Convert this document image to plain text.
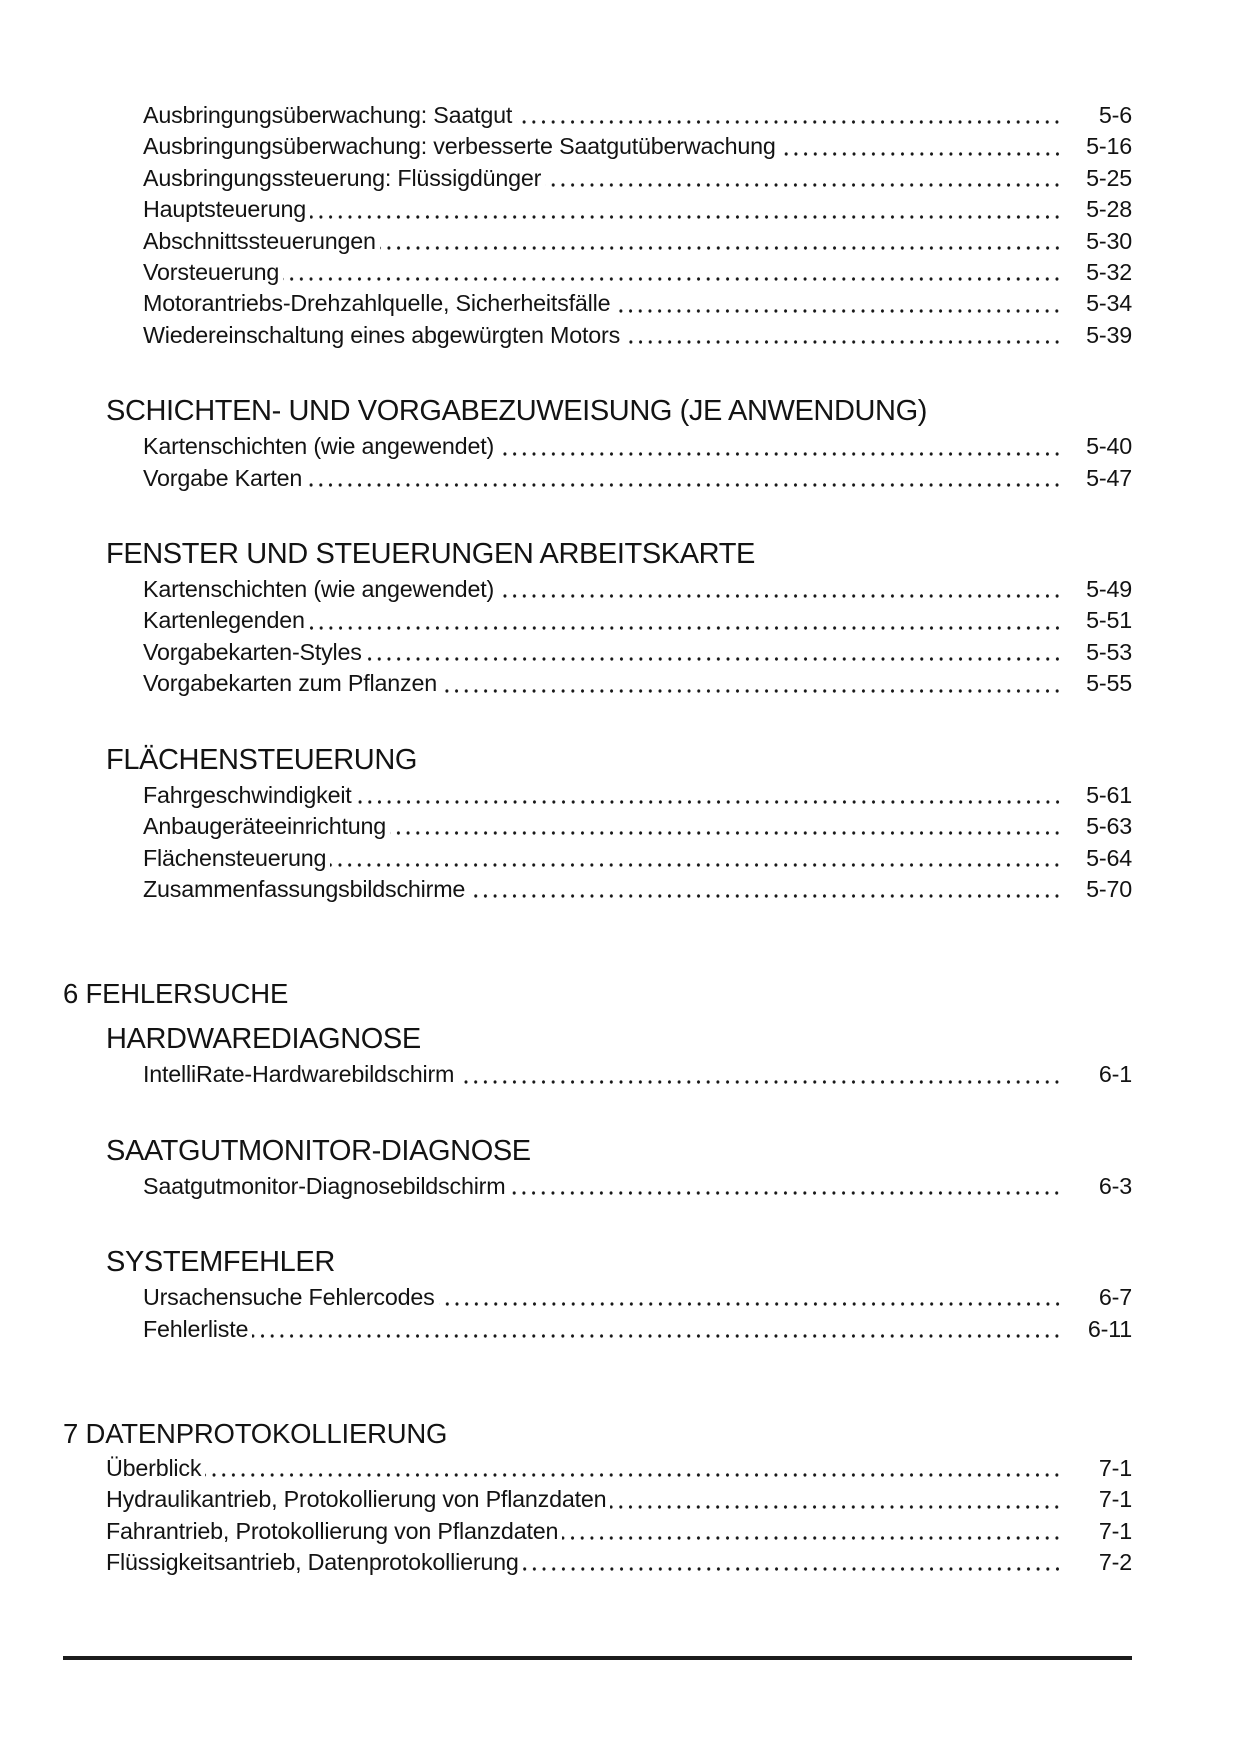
Ausbringungsüberwachung: Saatgut	5-6
Ausbringungsüberwachung: verbesserte Saatgutüberwachung	5-16
Ausbringungssteuerung: Flüssigdünger	5-25
Hauptsteuerung	5-28
Abschnittssteuerungen	5-30
Vorsteuerung	5-32
Motorantriebs-Drehzahlquelle, Sicherheitsfälle	5-34
Wiedereinschaltung eines abgewürgten Motors	5-39
SCHICHTEN- UND VORGABEZUWEISUNG (JE ANWENDUNG)
Kartenschichten (wie angewendet)	5-40
Vorgabe Karten	5-47
FENSTER UND STEUERUNGEN ARBEITSKARTE
Kartenschichten (wie angewendet)	5-49
Kartenlegenden	5-51
Vorgabekarten-Styles	5-53
Vorgabekarten zum Pflanzen	5-55
FLÄCHENSTEUERUNG
Fahrgeschwindigkeit	5-61
Anbaugeräteeinrichtung	5-63
Flächensteuerung	5-64
Zusammenfassungsbildschirme	5-70
6 FEHLERSUCHE
HARDWAREDIAGNOSE
IntelliRate-Hardwarebildschirm	6-1
SAATGUTMONITOR-DIAGNOSE
Saatgutmonitor-Diagnosebildschirm	6-3
SYSTEMFEHLER
Ursachensuche Fehlercodes	6-7
Fehlerliste	6-11
7 DATENPROTOKOLLIERUNG
Überblick	7-1
Hydraulikantrieb, Protokollierung von Pflanzdaten	7-1
Fahrantrieb, Protokollierung von Pflanzdaten	7-1
Flüssigkeitsantrieb, Datenprotokollierung	7-2
